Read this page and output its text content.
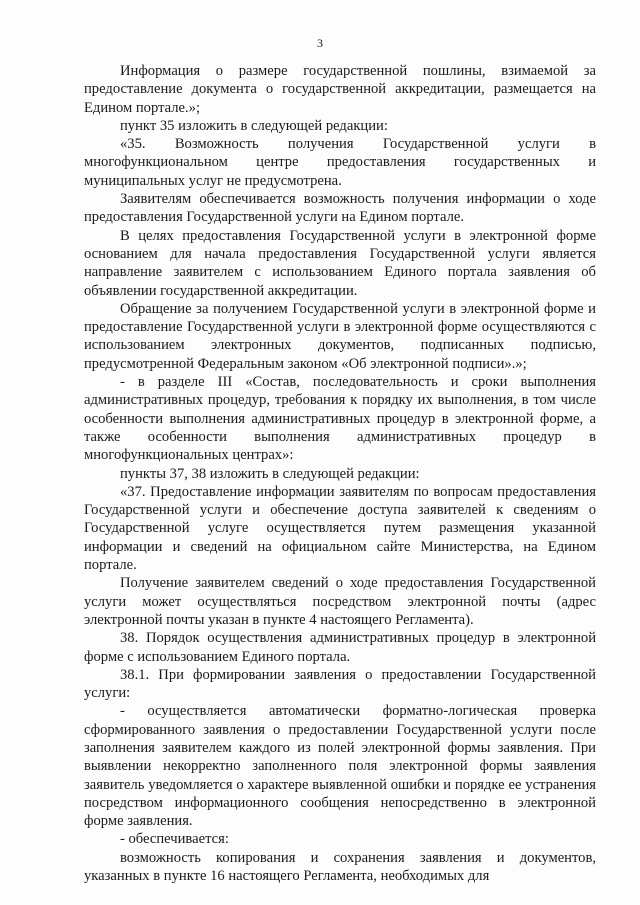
3

Информация о размере государственной пошлины, взимаемой за предоставление документа о государственной аккредитации, размещается на Едином портале.»;

пункт 35 изложить в следующей редакции:

«35. Возможность получения Государственной услуги в многофункциональном центре предоставления государственных и муниципальных услуг не предусмотрена.

Заявителям обеспечивается возможность получения информации о ходе предоставления Государственной услуги на Едином портале.

В целях предоставления Государственной услуги в электронной форме основанием для начала предоставления Государственной услуги является направление заявителем с использованием Единого портала заявления об объявлении государственной аккредитации.

Обращение за получением Государственной услуги в электронной форме и предоставление Государственной услуги в электронной форме осуществляются с использованием электронных документов, подписанных подписью, предусмотренной Федеральным законом «Об электронной подписи».»;

- в разделе III «Состав, последовательность и сроки выполнения административных процедур, требования к порядку их выполнения, в том числе особенности выполнения административных процедур в электронной форме, а также особенности выполнения административных процедур в многофункциональных центрах»:

пункты 37, 38 изложить в следующей редакции:

«37. Предоставление информации заявителям по вопросам предоставления Государственной услуги и обеспечение доступа заявителей к сведениям о Государственной услуге осуществляется путем размещения указанной информации и сведений на официальном сайте Министерства, на Едином портале.

Получение заявителем сведений о ходе предоставления Государственной услуги может осуществляться посредством электронной почты (адрес электронной почты указан в пункте 4 настоящего Регламента).

38. Порядок осуществления административных процедур в электронной форме с использованием Единого портала.

38.1. При формировании заявления о предоставлении Государственной услуги:

- осуществляется автоматически форматно-логическая проверка сформированного заявления о предоставлении Государственной услуги после заполнения заявителем каждого из полей электронной формы заявления. При выявлении некорректно заполненного поля электронной формы заявления заявитель уведомляется о характере выявленной ошибки и порядке ее устранения посредством информационного сообщения непосредственно в электронной форме заявления.

- обеспечивается:

возможность копирования и сохранения заявления и документов, указанных в пункте 16 настоящего Регламента, необходимых для
